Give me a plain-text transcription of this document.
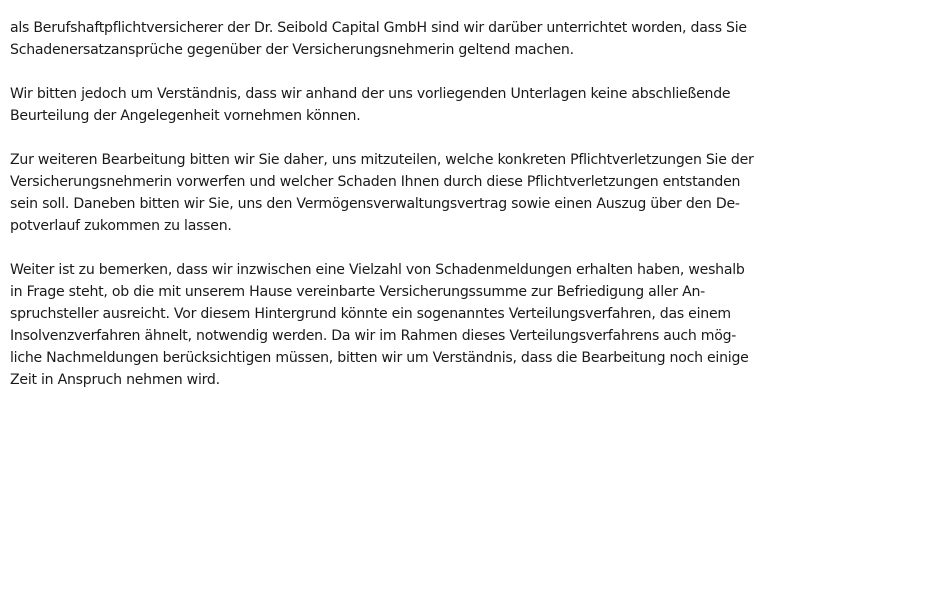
als Berufshaftpflichtversicherer der Dr. Seibold Capital GmbH sind wir darüber unterrichtet worden, dass Sie
Schadenersatzansprüche gegenüber der Versicherungsnehmerin geltend machen.

Wir bitten jedoch um Verständnis, dass wir anhand der uns vorliegenden Unterlagen keine abschließende
Beurteilung der Angelegenheit vornehmen können.

Zur weiteren Bearbeitung bitten wir Sie daher, uns mitzuteilen, welche konkreten Pflichtverletzungen Sie der
Versicherungsnehmerin vorwerfen und welcher Schaden Ihnen durch diese Pflichtverletzungen entstanden
sein soll. Daneben bitten wir Sie, uns den Vermögensverwaltungsvertrag sowie einen Auszug über den De-
potverlauf zukommen zu lassen.

Weiter ist zu bemerken, dass wir inzwischen eine Vielzahl von Schadenmeldungen erhalten haben, weshalb
in Frage steht, ob die mit unserem Hause vereinbarte Versicherungssumme zur Befriedigung aller An-
spruchsteller ausreicht. Vor diesem Hintergrund könnte ein sogenanntes Verteilungsverfahren, das einem
Insolvenzverfahren ähnelt, notwendig werden. Da wir im Rahmen dieses Verteilungsverfahrens auch mög-
liche Nachmeldungen berücksichtigen müssen, bitten wir um Verständnis, dass die Bearbeitung noch einige
Zeit in Anspruch nehmen wird.
